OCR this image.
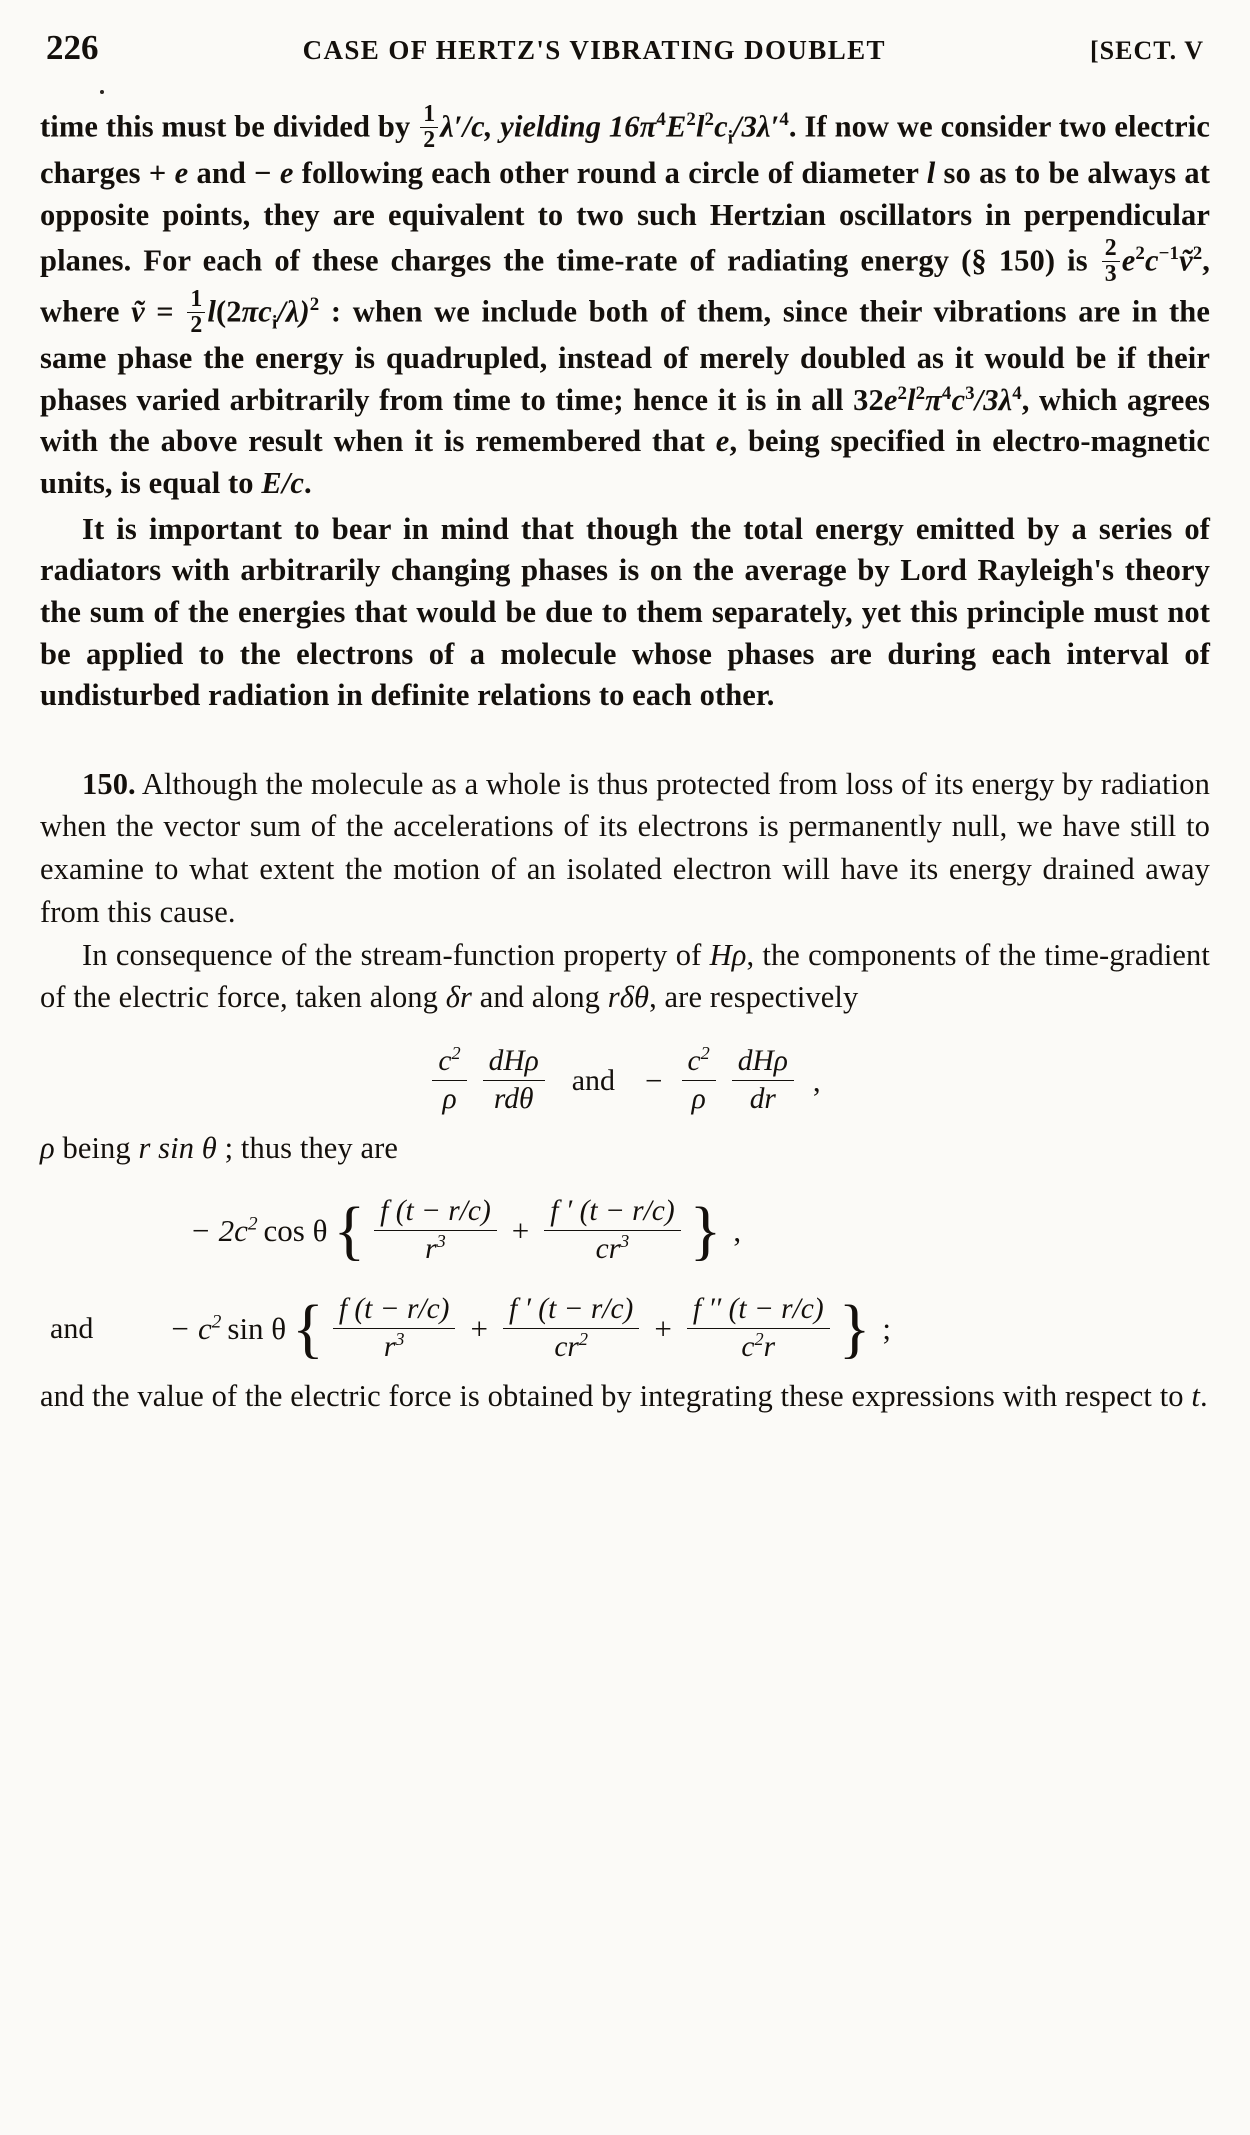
226	CASE OF HERTZ'S VIBRATING DOUBLET	[SECT. V
time this must be divided by $\frac{1}{2} \lambda'/c$, yielding $16\pi^4E^2l^2c_i/3\lambda'^4$. If now we consider two electric charges + e and − e following each other round a circle of diameter l so as to be always at opposite points, they are equivalent to two such Hertzian oscillators in perpendicular planes. For each of these charges the time-rate of radiating energy (§ 150) is $\frac{2}{3}$ $e^2c^{-1}ṽ^2$, where ṽ = $\frac{1}{2} l(2\pi c_i/\lambda)^2$ : when we include both of them, since their vibrations are in the same phase the energy is quadrupled, instead of merely doubled as it would be if their phases varied arbitrarily from time to time; hence it is in all $32e^2l^2\pi^4c^3/3\lambda^4$, which agrees with the above result when it is remembered that e, being specified in electro-magnetic units, is equal to E/c.
It is important to bear in mind that though the total energy emitted by a series of radiators with arbitrarily changing phases is on the average by Lord Rayleigh's theory the sum of the energies that would be due to them separately, yet this principle must not be applied to the electrons of a molecule whose phases are during each interval of undisturbed radiation in definite relations to each other.
150. Although the molecule as a whole is thus protected from loss of its energy by radiation when the vector sum of the accelerations of its electrons is permanently null, we have still to examine to what extent the motion of an isolated electron will have its energy drained away from this cause.
In consequence of the stream-function property of Hρ, the components of the time-gradient of the electric force, taken along δr and along rδθ, are respectively
$\frac{c^2}{\rho} \frac{\text{dHρ}}{\text{rdθ}}$ and − $\frac{c^2}{\rho} \frac{\text{dHρ}}{dr}$ ,
ρ being r sin θ ; thus they are
− $2c^2$ cos θ { $\frac{f (t - r/c)}{r^3} + \frac{f ' (t - r/c)}{cr^3}$ } ,
and − $c^2$ sin θ { $\frac{f (t - r/c)}{r^3} + \frac{f ' (t - r/c)}{cr^2} + \frac{f '' (t - r/c)}{c^2r}$ } ;
and the value of the electric force is obtained by integrating these expressions with respect to t.
